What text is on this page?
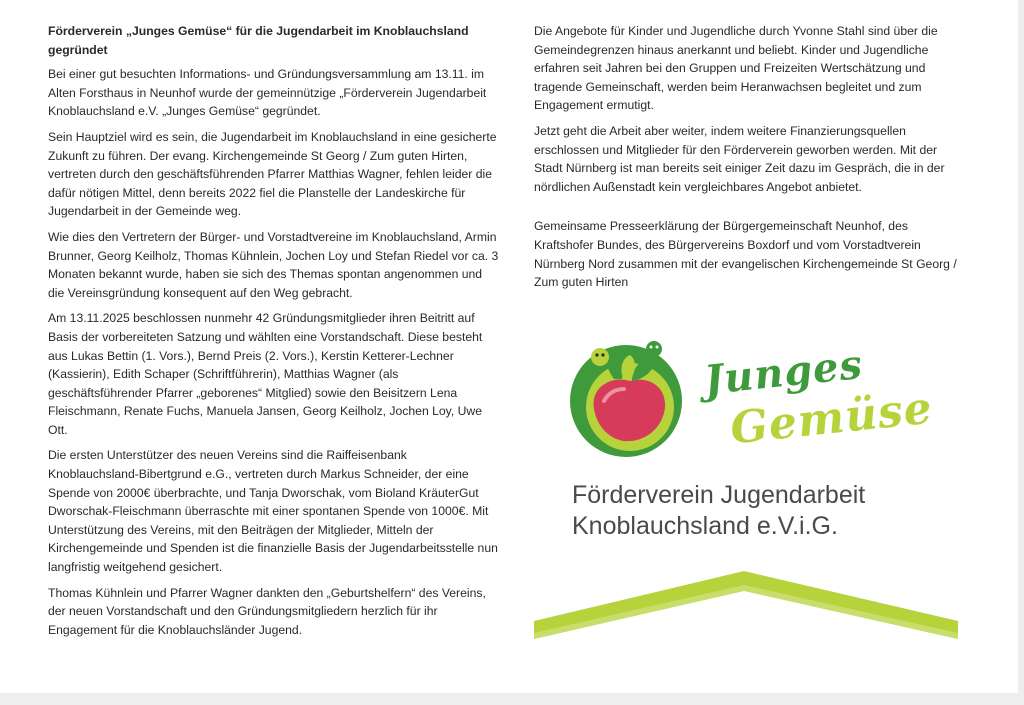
Förderverein „Junges Gemüse“ für die Jugendarbeit im Knoblauchsland gegründet

Bei einer gut besuchten Informations- und Gründungsversammlung am 13.11. im Alten Forsthaus in Neunhof wurde der gemeinnützige „Förderverein Jugendarbeit Knoblauchsland e.V. „Junges Gemüse“ gegründet.

Sein Hauptziel wird es sein, die Jugendarbeit im Knoblauchsland in eine gesicherte Zukunft zu führen. Der evang. Kirchengemeinde St Georg / Zum guten Hirten, vertreten durch den geschäftsführenden Pfarrer Matthias Wagner, fehlen leider die dafür nötigen Mittel, denn bereits 2022 fiel die Planstelle der Landeskirche für Jugendarbeit in der Gemeinde weg.

Wie dies den Vertretern der Bürger- und Vorstadtvereine im Knoblauchsland, Armin Brunner, Georg Keilholz, Thomas Kühnlein, Jochen Loy und Stefan Riedel vor ca. 3 Monaten bekannt wurde, haben sie sich des Themas spontan angenommen und die Vereinsgründung konsequent auf den Weg gebracht.

Am 13.11.2025 beschlossen nunmehr 42 Gründungsmitglieder ihren Beitritt auf Basis der vorbereiteten Satzung und wählten eine Vorstandschaft. Diese besteht aus Lukas Bettin (1. Vors.), Bernd Preis (2. Vors.), Kerstin Ketterer-Lechner (Kassierin), Edith Schaper (Schriftführerin), Matthias Wagner (als geschäftsführender Pfarrer „geborenes“ Mitglied) sowie den Beisitzern Lena Fleischmann, Renate Fuchs, Manuela Jansen, Georg Keilholz, Jochen Loy, Uwe Ott.

Die ersten Unterstützer des neuen Vereins sind die Raiffeisenbank Knoblauchsland-Bibertgrund e.G., vertreten durch Markus Schneider, der eine Spende von 2000€ überbrachte, und Tanja Dworschak, vom Bioland KräuterGut Dworschak-Fleischmann überraschte mit einer spontanen Spende von 1000€. Mit Unterstützung des Vereins, mit den Beiträgen der Mitglieder, Mitteln der Kirchengemeinde und Spenden ist die finanzielle Basis der Jugendarbeitsstelle nun langfristig weitgehend gesichert.

Thomas Kühnlein und Pfarrer Wagner dankten den „Geburtshelfern“ des Vereins, der neuen Vorstandschaft und den Gründungsmitgliedern herzlich für ihr Engagement für die Knoblauchsländer Jugend.

Die Angebote für Kinder und Jugendliche durch Yvonne Stahl sind über die Gemeindegrenzen hinaus anerkannt und beliebt. Kinder und Jugendliche erfahren seit Jahren bei den Gruppen und Freizeiten Wertschätzung und tragende Gemeinschaft, werden beim Heranwachsen begleitet und zum Engagement ermutigt.

Jetzt geht die Arbeit aber weiter, indem weitere Finanzierungsquellen erschlossen und Mitglieder für den Förderverein geworben werden. Mit der Stadt Nürnberg ist man bereits seit einiger Zeit dazu im Gespräch, die in der nördlichen Außenstadt kein vergleichbares Angebot anbietet.

Gemeinsame Presseerklärung der Bürgergemeinschaft Neunhof, des Kraftshofer Bundes, des Bürgervereins Boxdorf und vom Vorstadtverein Nürnberg Nord zusammen mit der evangelischen Kirchengemeinde St Georg / Zum guten Hirten

Junges
Gemüse
Förderverein Jugendarbeit
Knoblauchsland e.V.i.G.
